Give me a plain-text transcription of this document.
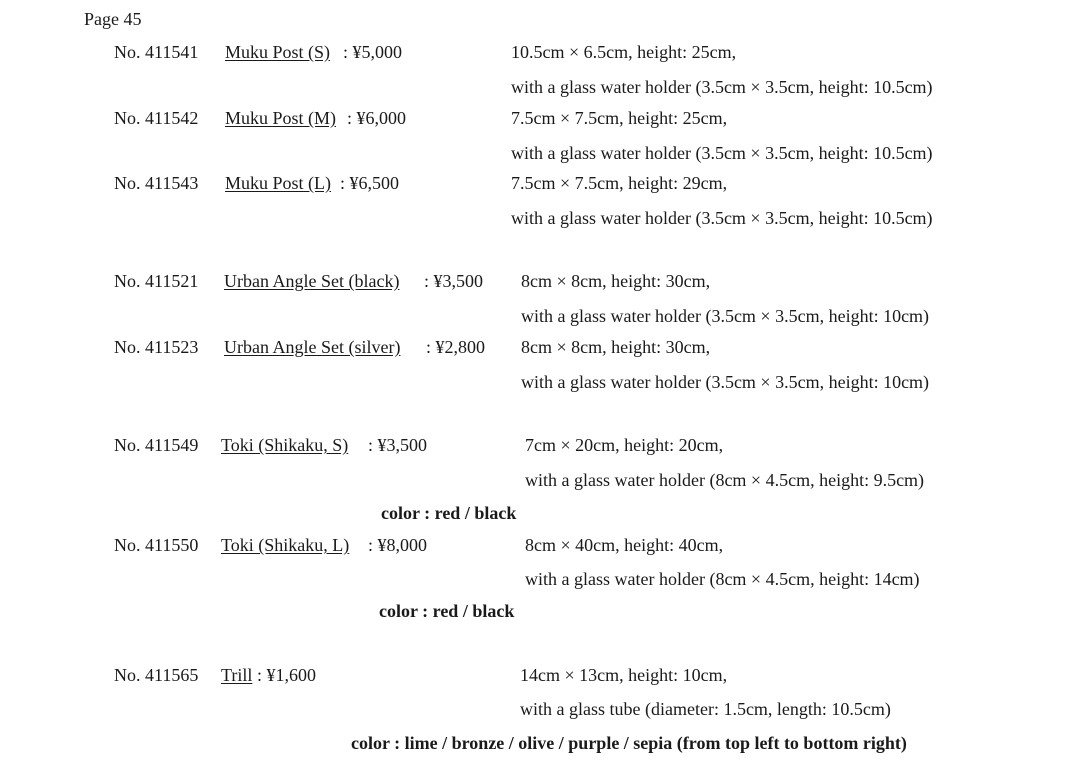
Page 45
No. 411541 Muku Post (S) : ¥5,000	10.5cm × 6.5cm, height: 25cm,
with a glass water holder (3.5cm × 3.5cm, height: 10.5cm)
No. 411542 Muku Post (M) : ¥6,000	7.5cm × 7.5cm, height: 25cm,
with a glass water holder (3.5cm × 3.5cm, height: 10.5cm)
No. 411543 Muku Post (L) : ¥6,500	7.5cm × 7.5cm, height: 29cm,
with a glass water holder (3.5cm × 3.5cm, height: 10.5cm)
No. 411521 Urban Angle Set (black) : ¥3,500 8cm × 8cm, height: 30cm,
with a glass water holder (3.5cm × 3.5cm, height: 10cm)
No. 411523 Urban Angle Set (silver) : ¥2,800 8cm × 8cm, height: 30cm,
with a glass water holder (3.5cm × 3.5cm, height: 10cm)
No. 411549 Toki (Shikaku, S) : ¥3,500	7cm × 20cm, height: 20cm,
with a glass water holder (8cm × 4.5cm, height: 9.5cm)
color : red / black
No. 411550 Toki (Shikaku, L) : ¥8,000	8cm × 40cm, height: 40cm,
with a glass water holder (8cm × 4.5cm, height: 14cm)
color : red / black
No. 411565 Trill : ¥1,600	14cm × 13cm, height: 10cm,
with a glass tube (diameter: 1.5cm, length: 10.5cm)
color : lime / bronze / olive / purple / sepia (from top left to bottom right)
